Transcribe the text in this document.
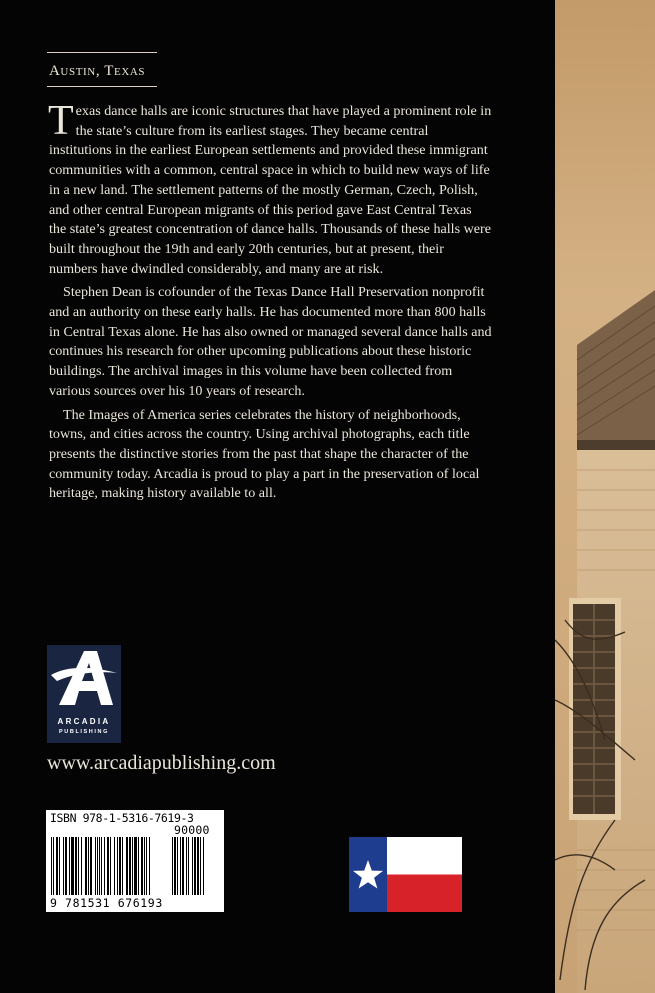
Austin, Texas

Texas dance halls are iconic structures that have played a prominent role in the state’s culture from its earliest stages. They became central institutions in the earliest European settlements and provided these immigrant communities with a common, central space in which to build new ways of life in a new land. The settlement patterns of the mostly German, Czech, Polish, and other central European migrants of this period gave East Central Texas the state’s greatest concentration of dance halls. Thousands of these halls were built throughout the 19th and early 20th centuries, but at present, their numbers have dwindled considerably, and many are at risk.

Stephen Dean is cofounder of the Texas Dance Hall Preservation nonprofit and an authority on these early halls. He has documented more than 800 halls in Central Texas alone. He has also owned or managed several dance halls and continues his research for other upcoming publications about these historic buildings. The archival images in this volume have been collected from various sources over his 10 years of research.

The Images of America series celebrates the history of neighborhoods, towns, and cities across the country. Using archival photographs, each title presents the distinctive stories from the past that shape the character of the community today. Arcadia is proud to play a part in the preservation of local heritage, making history available to all.

ARCADIA
PUBLISHING
www.arcadiapublishing.com
ISBN 978-1-5316-7619-3
90000
9 781531 676193
